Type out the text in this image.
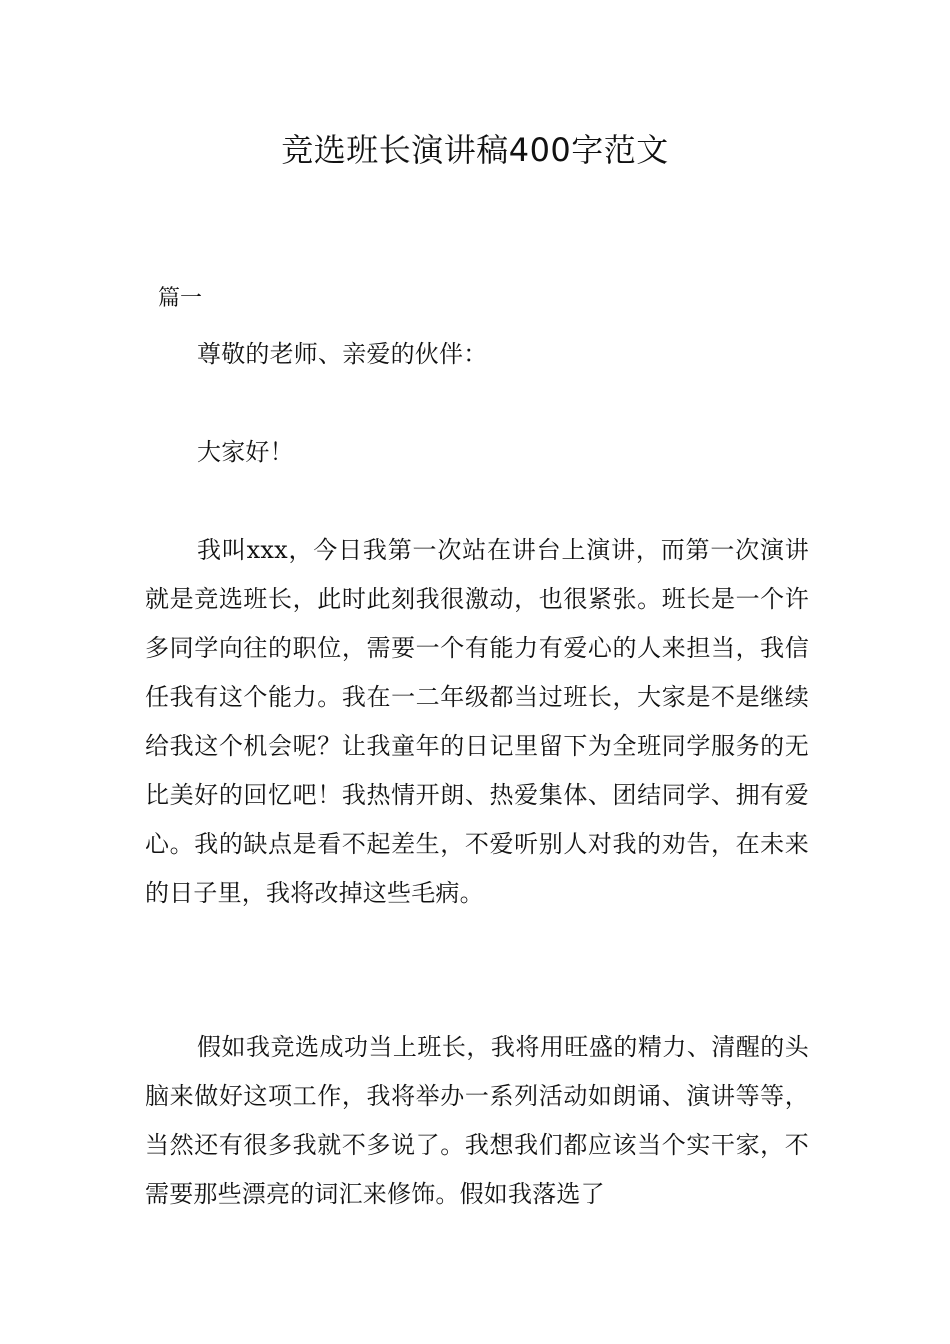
竞选班长演讲稿400字范文
篇一

尊敬的老师、亲爱的伙伴：

大家好！

我叫xxx，今日我第一次站在讲台上演讲，而第一次演讲就是竞选班长，此时此刻我很激动，也很紧张。班长是一个许多同学向往的职位，需要一个有能力有爱心的人来担当，我信任我有这个能力。我在一二年级都当过班长，大家是不是继续给我这个机会呢？让我童年的日记里留下为全班同学服务的无比美好的回忆吧！我热情开朗、热爱集体、团结同学、拥有爱心。我的缺点是看不起差生，不爱听别人对我的劝告，在未来的日子里，我将改掉这些毛病。

假如我竞选成功当上班长，我将用旺盛的精力、清醒的头脑来做好这项工作，我将举办一系列活动如朗诵、演讲等等，当然还有很多我就不多说了。我想我们都应该当个实干家，不需要那些漂亮的词汇来修饰。假如我落选了
